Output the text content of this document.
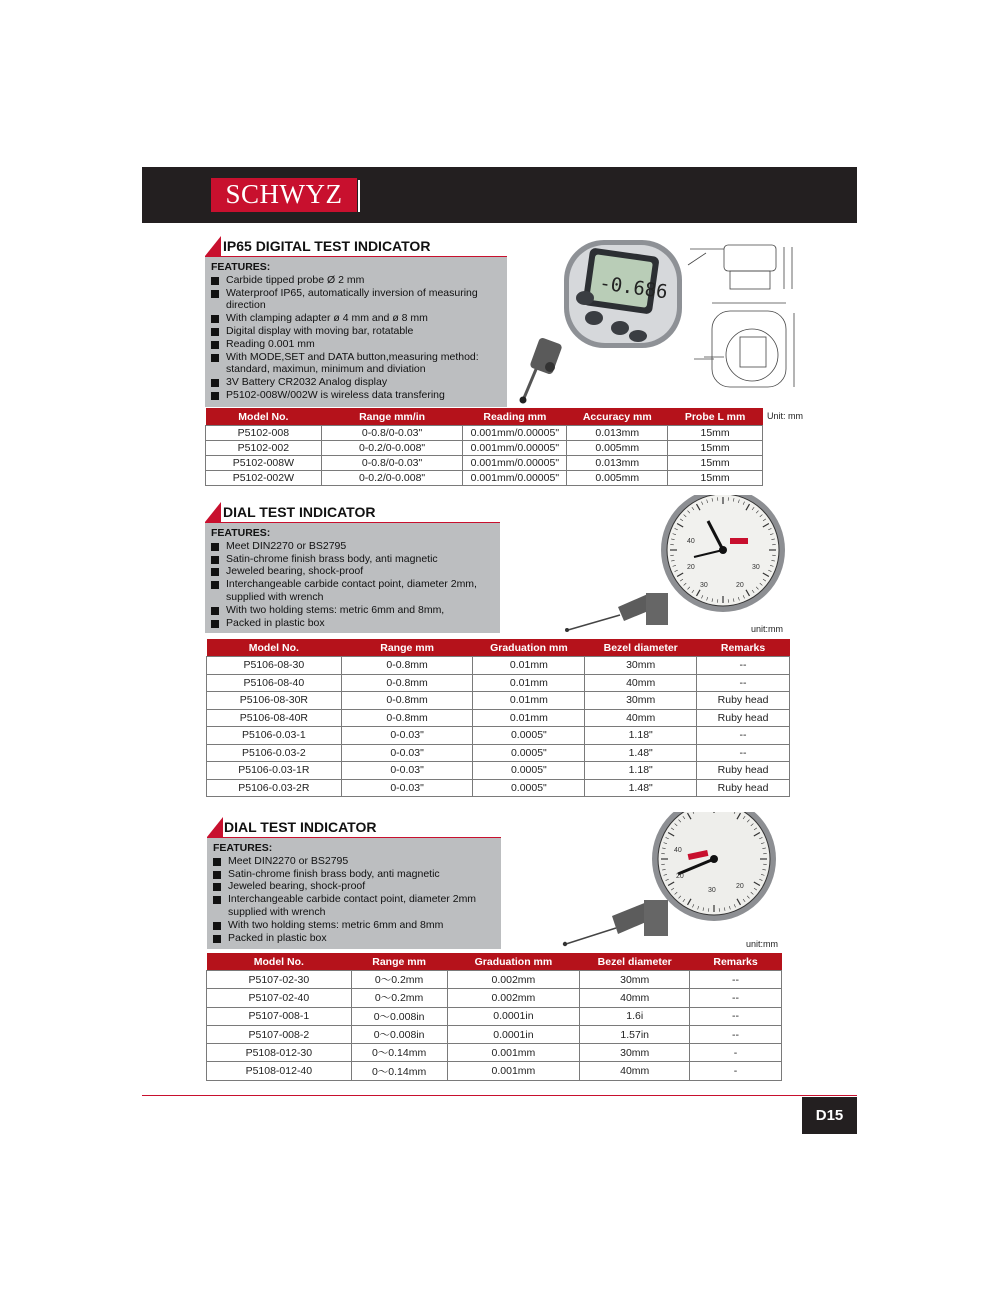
SCHWYZ
IP65 DIGITAL TEST INDICATOR
FEATURES:
Carbide tipped probe Ø 2 mm
Waterproof IP65, automatically inversion of measuring direction
With clamping adapter ø 4 mm and ø 8 mm
Digital display with moving bar, rotatable
Reading 0.001 mm
With MODE,SET and DATA button,measuring method: standard, maximun, minimum and diviation
3V Battery CR2032 Analog display
P5102-008W/002W is wireless data transfering
-0.686
Unit: mm
Model No.	Range mm/in	Reading mm	Accuracy mm	Probe L mm
P5102-008	0-0.8/0-0.03"	0.001mm/0.00005"	0.013mm	15mm
P5102-002	0-0.2/0-0.008"	0.001mm/0.00005"	0.005mm	15mm
P5102-008W	0-0.8/0-0.03"	0.001mm/0.00005"	0.013mm	15mm
P5102-002W	0-0.2/0-0.008"	0.001mm/0.00005"	0.005mm	15mm
DIAL TEST INDICATOR
FEATURES:
Meet DIN2270 or BS2795
Satin-chrome finish brass body, anti magnetic
Jeweled bearing, shock-proof
Interchangeable carbide contact point, diameter 2mm, supplied with wrench
With two holding stems: metric 6mm and 8mm,
Packed in plastic box
40
20
30	20
30
unit:mm
Model No.	Range mm	Graduation mm	Bezel diameter	Remarks
P5106-08-30	0-0.8mm	0.01mm	30mm	--
P5106-08-40	0-0.8mm	0.01mm	40mm	--
P5106-08-30R	0-0.8mm	0.01mm	30mm	Ruby head
P5106-08-40R	0-0.8mm	0.01mm	40mm	Ruby head
P5106-0.03-1	0-0.03"	0.0005"	1.18"	--
P5106-0.03-2	0-0.03"	0.0005"	1.48"	--
P5106-0.03-1R	0-0.03"	0.0005"	1.18"	Ruby head
P5106-0.03-2R	0-0.03"	0.0005"	1.48"	Ruby head
DIAL TEST INDICATOR
FEATURES:
Meet DIN2270 or BS2795
Satin-chrome finish brass body, anti magnetic
Jeweled bearing, shock-proof
Interchangeable carbide contact point, diameter 2mm supplied with wrench
With two holding stems: metric 6mm and 8mm
Packed in plastic box
40
20
30
20
unit:mm
Model No.	Range mm	Graduation mm	Bezel diameter	Remarks
P5107-02-30	0～0.2mm	0.002mm	30mm	--
P5107-02-40	0～0.2mm	0.002mm	40mm	--
P5107-008-1	0～0.008in	0.0001in	1.6i	--
P5107-008-2	0～0.008in	0.0001in	1.57in	--
P5108-012-30	0～0.14mm	0.001mm	30mm	-
P5108-012-40	0～0.14mm	0.001mm	40mm	-
D15
